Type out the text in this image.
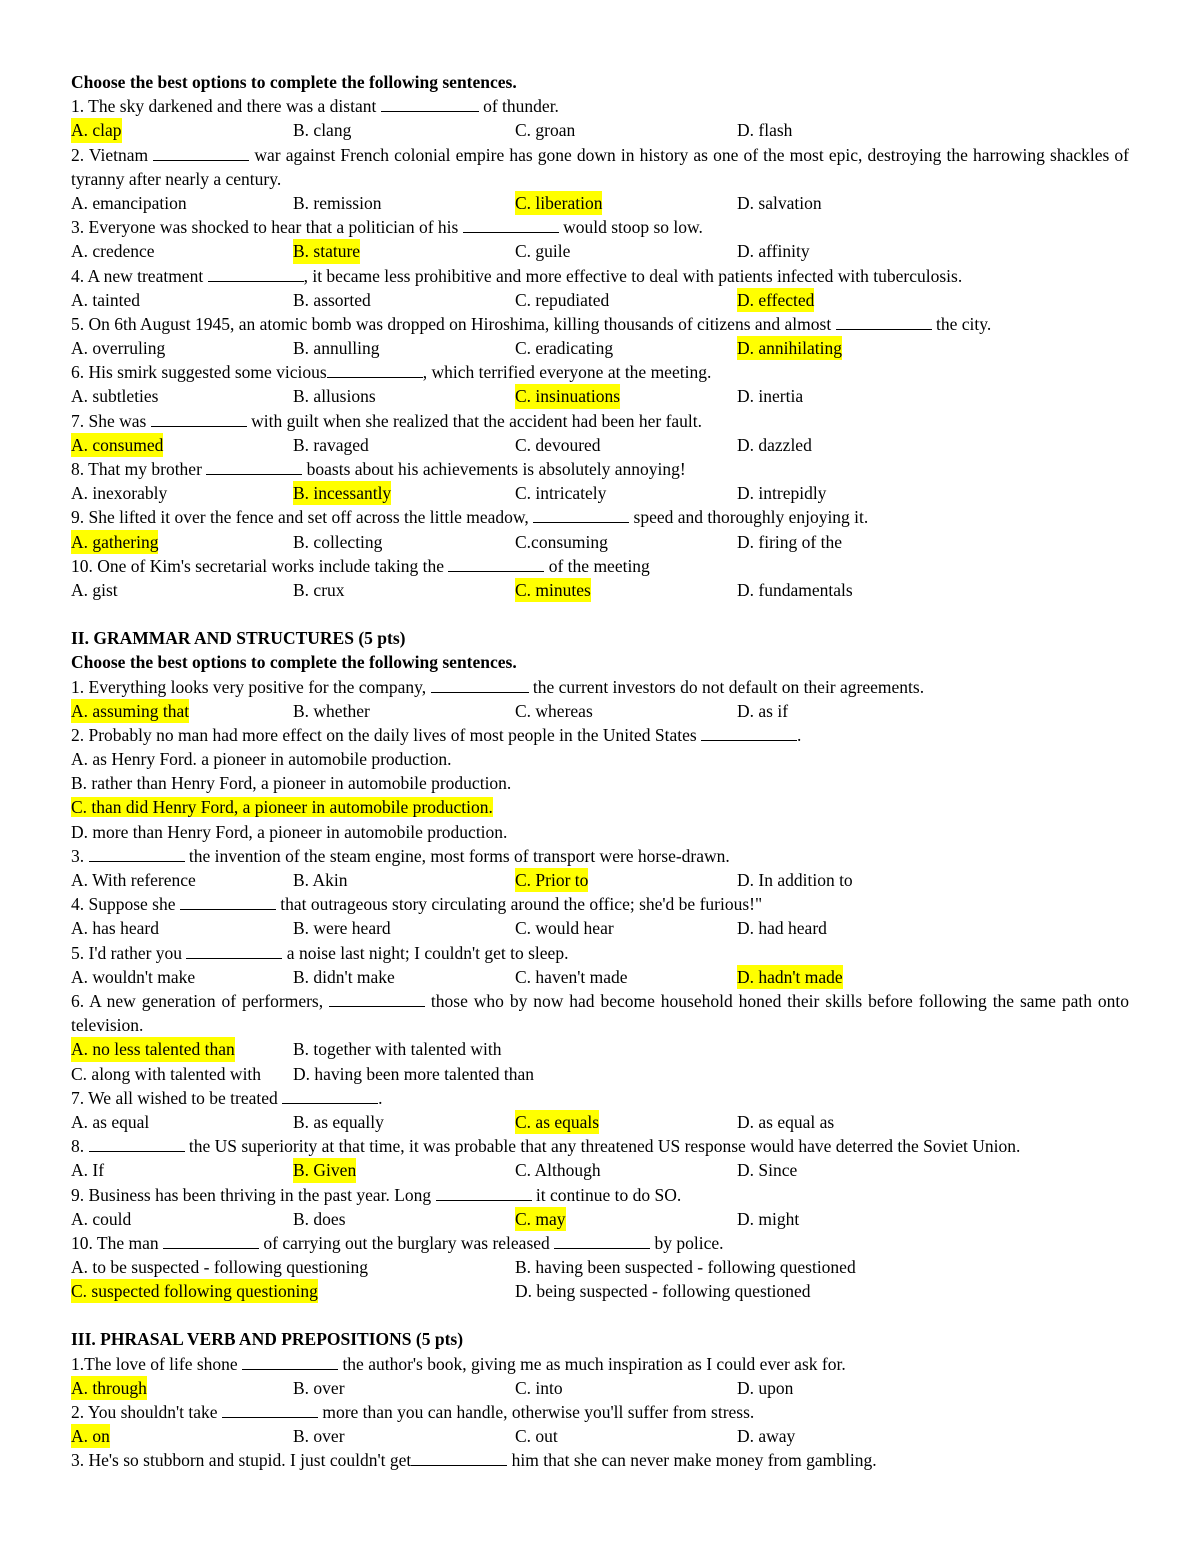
Choose the best options to complete the following sentences.
1. The sky darkened and there was a distant	of thunder.
A. clap	B. clang	C. groan	D. flash
2. Vietnam	war against French colonial empire has gone down in history as one of the most epic, destroying the harrowing shackles of tyranny after nearly a century.
A. emancipation	B. remission	C. liberation	D. salvation
3. Everyone was shocked to hear that a politician of his	would stoop so low.
A. credence	B. stature	C. guile	D. affinity
4. A new treatment	, it became less prohibitive and more effective to deal with patients infected with tuberculosis.
A. tainted	B. assorted	C. repudiated	D. effected
5. On 6th August 1945, an atomic bomb was dropped on Hiroshima, killing thousands of citizens and almost	the city.
A. overruling	B. annulling	C. eradicating	D. annihilating
6. His smirk suggested some vicious	, which terrified everyone at the meeting.
A. subtleties	B. allusions	C. insinuations	D. inertia
7. She was	with guilt when she realized that the accident had been her fault.
A. consumed	B. ravaged	C. devoured	D. dazzled
8. That my brother	boasts about his achievements is absolutely annoying!
A. inexorably	B. incessantly	C. intricately	D. intrepidly
9. She lifted it over the fence and set off across the little meadow,	speed and thoroughly enjoying it.
A. gathering	B. collecting	C.consuming	D. firing of the
10. One of Kim's secretarial works include taking the	of the meeting
A. gist	B. crux	C. minutes	D. fundamentals
II. GRAMMAR AND STRUCTURES (5 pts)
Choose the best options to complete the following sentences.
1. Everything looks very positive for the company,	the current investors do not default on their agreements.
A. assuming that	B. whether	C. whereas	D. as if
2. Probably no man had more effect on the daily lives of most people in the United States	.
A. as Henry Ford. a pioneer in automobile production.
B. rather than Henry Ford, a pioneer in automobile production.
C. than did Henry Ford, a pioneer in automobile production.
D. more than Henry Ford, a pioneer in automobile production.
3.	the invention of the steam engine, most forms of transport were horse-drawn.
A. With reference	B. Akin	C. Prior to	D. In addition to
4. Suppose she	that outrageous story circulating around the office; she'd be furious!"
A. has heard	B. were heard	C. would hear	D. had heard
5. I'd rather you	a noise last night; I couldn't get to sleep.
A. wouldn't make	B. didn't make	C. haven't made	D. hadn't made
6. A new generation of performers,	those who by now had become household honed their skills before following the same path onto television.
A. no less talented than	B. together with talented with
C. along with talented with D. having been more talented than
7. We all wished to be treated	.
A. as equal	B. as equally	C. as equals	D. as equal as
8.	the US superiority at that time, it was probable that any threatened US response would have deterred the Soviet Union.
A. If	B. Given	C. Although	D. Since
9. Business has been thriving in the past year. Long	it continue to do SO.
A. could	B. does	C. may	D. might
10. The man	of carrying out the burglary was released	by police.
A. to be suspected - following questioning	B. having been suspected - following questioned
C. suspected following questioning	D. being suspected - following questioned
III. PHRASAL VERB AND PREPOSITIONS (5 pts)
1.The love of life shone	the author's book, giving me as much inspiration as I could ever ask for.
A. through	B. over	C. into	D. upon
2. You shouldn't take	more than you can handle, otherwise you'll suffer from stress.
A. on	B. over	C. out	D. away
3. He's so stubborn and stupid. I just couldn't get	him that she can never make money from gambling.
